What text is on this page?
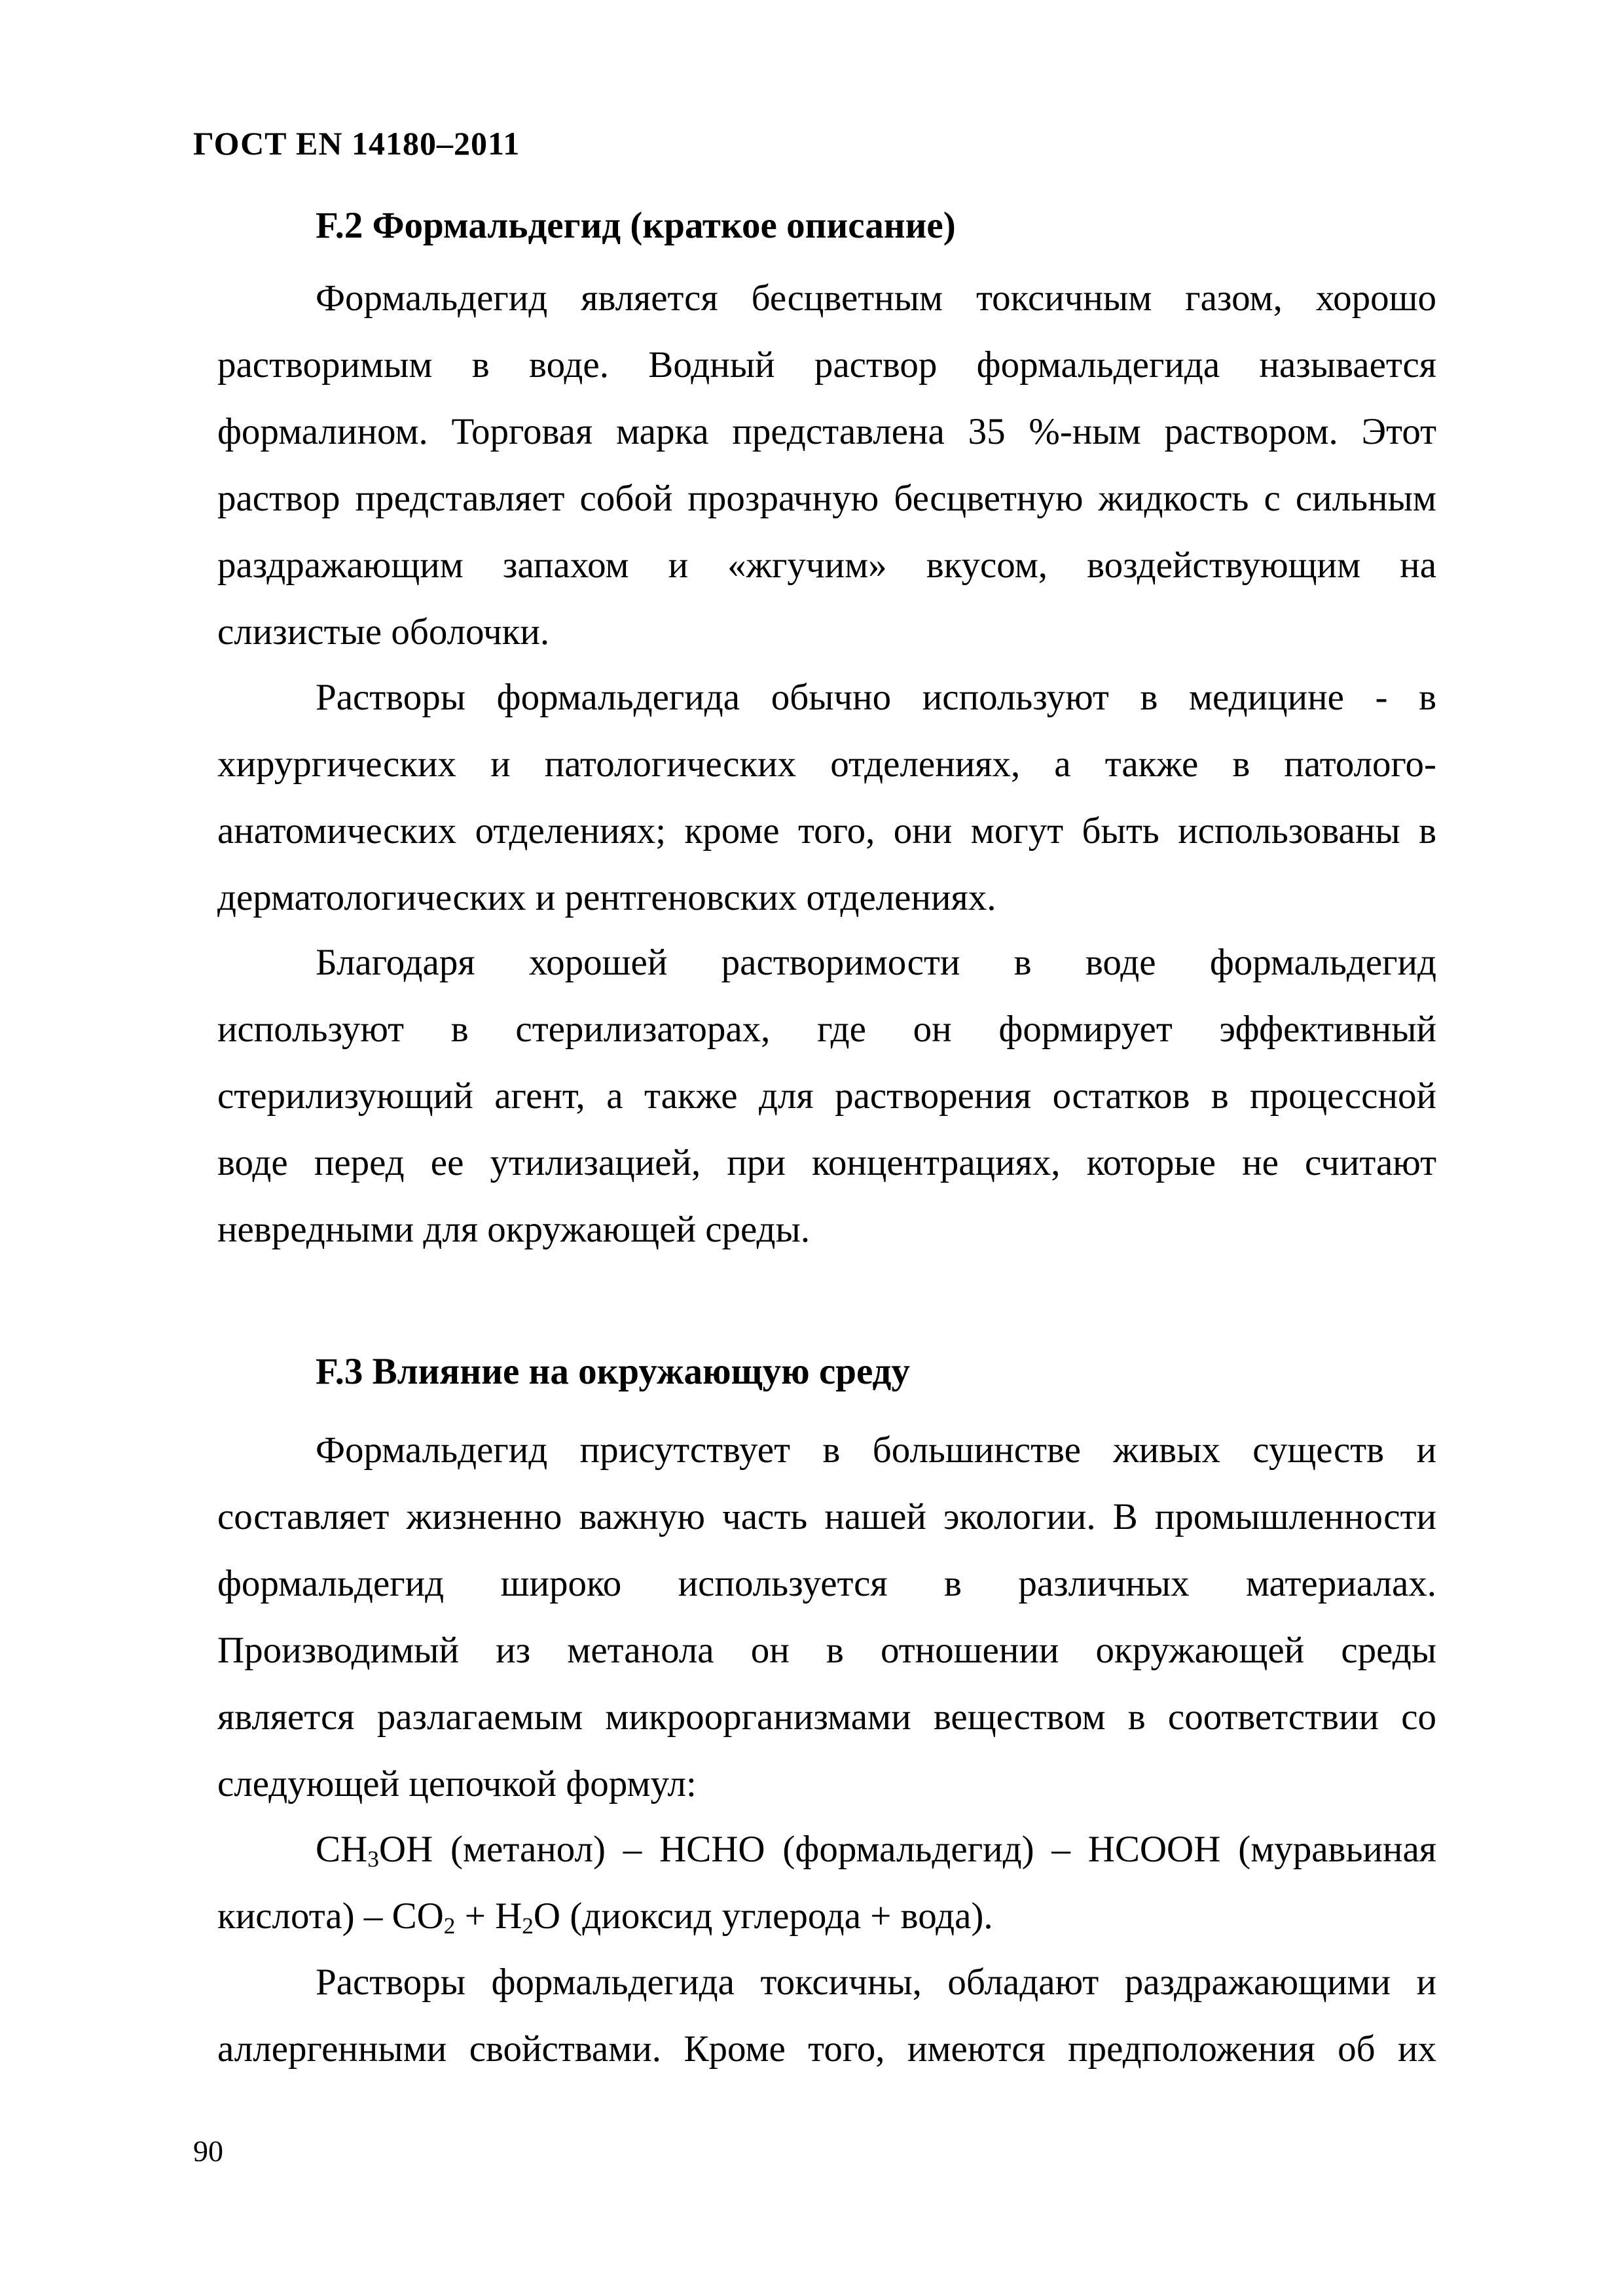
ГОСТ EN 14180–2011

F.2 Формальдегид (краткое описание)
Формальдегид является бесцветным токсичным газом, хорошо
растворимым в воде. Водный раствор формальдегида называется
формалином. Торговая марка представлена 35 %-ным раствором. Этот
раствор представляет собой прозрачную бесцветную жидкость с сильным
раздражающим запахом и «жгучим» вкусом, воздействующим на
слизистые оболочки.
Растворы формальдегида обычно используют в медицине - в
хирургических и патологических отделениях, а также в патолого-
анатомических отделениях; кроме того, они могут быть использованы в
дерматологических и рентгеновских отделениях.
Благодаря хорошей растворимости в воде формальдегид
используют в стерилизаторах, где он формирует эффективный
стерилизующий агент, а также для растворения остатков в процессной
воде перед ее утилизацией, при концентрациях, которые не считают
невредными для окружающей среды.
F.3 Влияние на окружающую среду
Формальдегид присутствует в большинстве живых существ и
составляет жизненно важную часть нашей экологии. В промышленности
формальдегид широко используется в различных материалах.
Производимый из метанола он в отношении окружающей среды
является разлагаемым микроорганизмами веществом в соответствии со
следующей цепочкой формул:
$CH_3OH$ (метанол) – HCHO (формальдегид) – HCOOH (муравьиная
кислота) – $CO_2 + H_2O$ (диоксид углерода + вода).
Растворы формальдегида токсичны, обладают раздражающими и
аллергенными свойствами. Кроме того, имеются предположения об их

90
